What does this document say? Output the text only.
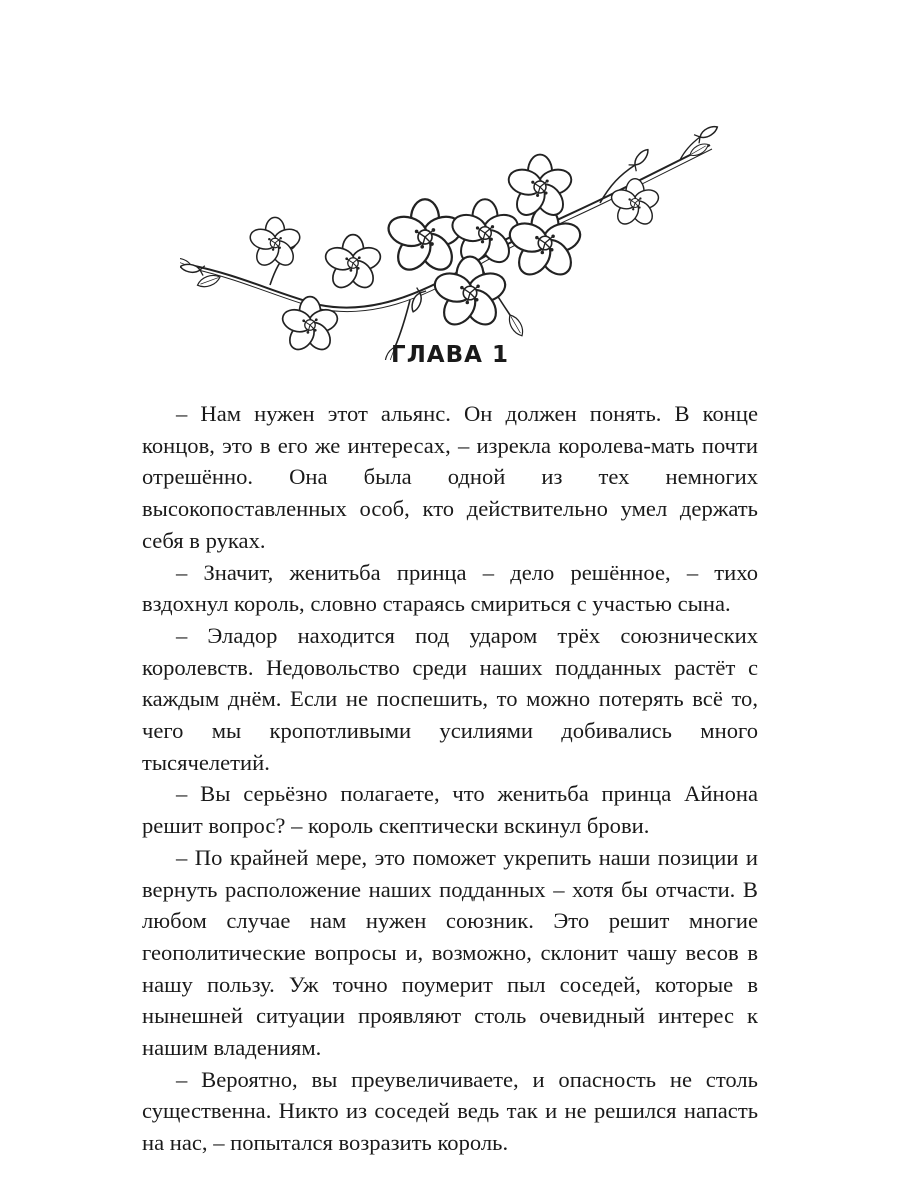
ГЛАВА 1

– Нам нужен этот альянс. Он должен понять. В конце концов, это в его же интересах, – изрекла королева-мать почти отрешённо. Она была одной из тех немногих высокопоставленных особ, кто действительно умел держать себя в руках.

– Значит, женитьба принца – дело решённое, – тихо вздохнул король, словно стараясь смириться с участью сына.

– Эладор находится под ударом трёх союзнических королевств. Недовольство среди наших подданных растёт с каждым днём. Если не поспешить, то можно потерять всё то, чего мы кропотливыми усилиями добивались много тысячелетий.

– Вы серьёзно полагаете, что женитьба принца Айнона решит вопрос? – король скептически вскинул брови.

– По крайней мере, это поможет укрепить наши позиции и вернуть расположение наших подданных – хотя бы отчасти. В любом случае нам нужен союзник. Это решит многие геополитические вопросы и, возможно, склонит чашу весов в нашу пользу. Уж точно поумерит пыл соседей, которые в нынешней ситуации проявляют столь очевидный интерес к нашим владениям.

– Вероятно, вы преувеличиваете, и опасность не столь существенна. Никто из соседей ведь так и не решился напасть на нас, – попытался возразить король.
